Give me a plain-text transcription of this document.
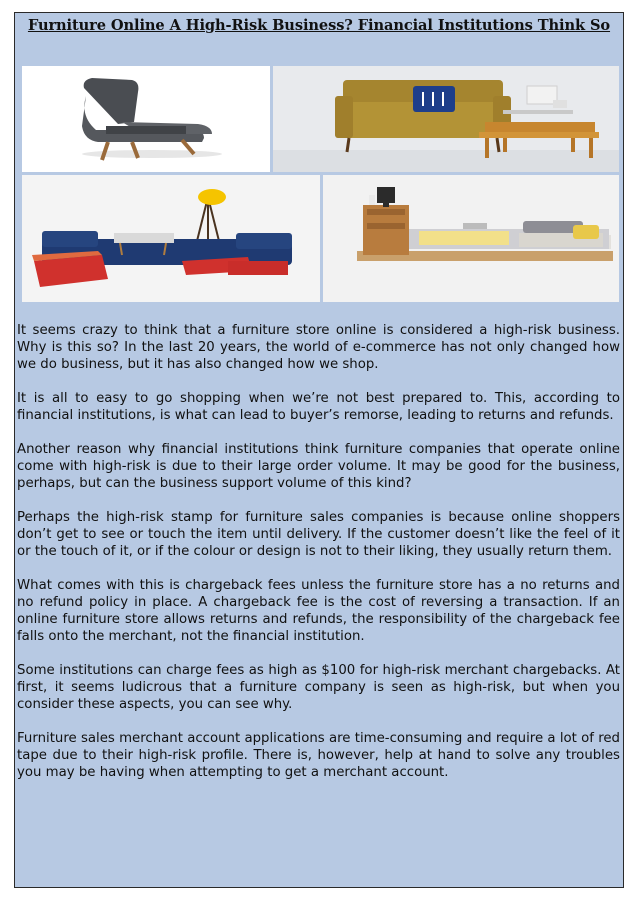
Furniture Online A High-Risk Business? Financial Institutions Think So

It seems crazy to think that a furniture store online is considered a high-risk business. Why is this so? In the last 20 years, the world of e-commerce has not only changed how we do business, but it has also changed how we shop.

It is all to easy to go shopping when we’re not best prepared to. This, according to financial institutions, is what can lead to buyer’s remorse, leading to returns and refunds.

Another reason why financial institutions think furniture companies that operate online come with high-risk is due to their large order volume. It may be good for the business, perhaps, but can the business support volume of this kind?

Perhaps the high-risk stamp for furniture sales companies is because online shoppers don’t get to see or touch the item until delivery. If the customer doesn’t like the feel of it or the touch of it, or if the colour or design is not to their liking, they usually return them.

What comes with this is chargeback fees unless the furniture store has a no returns and no refund policy in place. A chargeback fee is the cost of reversing a transaction. If an online furniture store allows returns and refunds, the responsibility of the chargeback fee falls onto the merchant, not the financial institution.

Some institutions can charge fees as high as $100 for high-risk merchant chargebacks. At first, it seems ludicrous that a furniture company is seen as high-risk, but when you consider these aspects, you can see why.

Furniture sales merchant account applications are time-consuming and require a lot of red tape due to their high-risk profile. There is, however, help at hand to solve any troubles you may be having when attempting to get a merchant account.
